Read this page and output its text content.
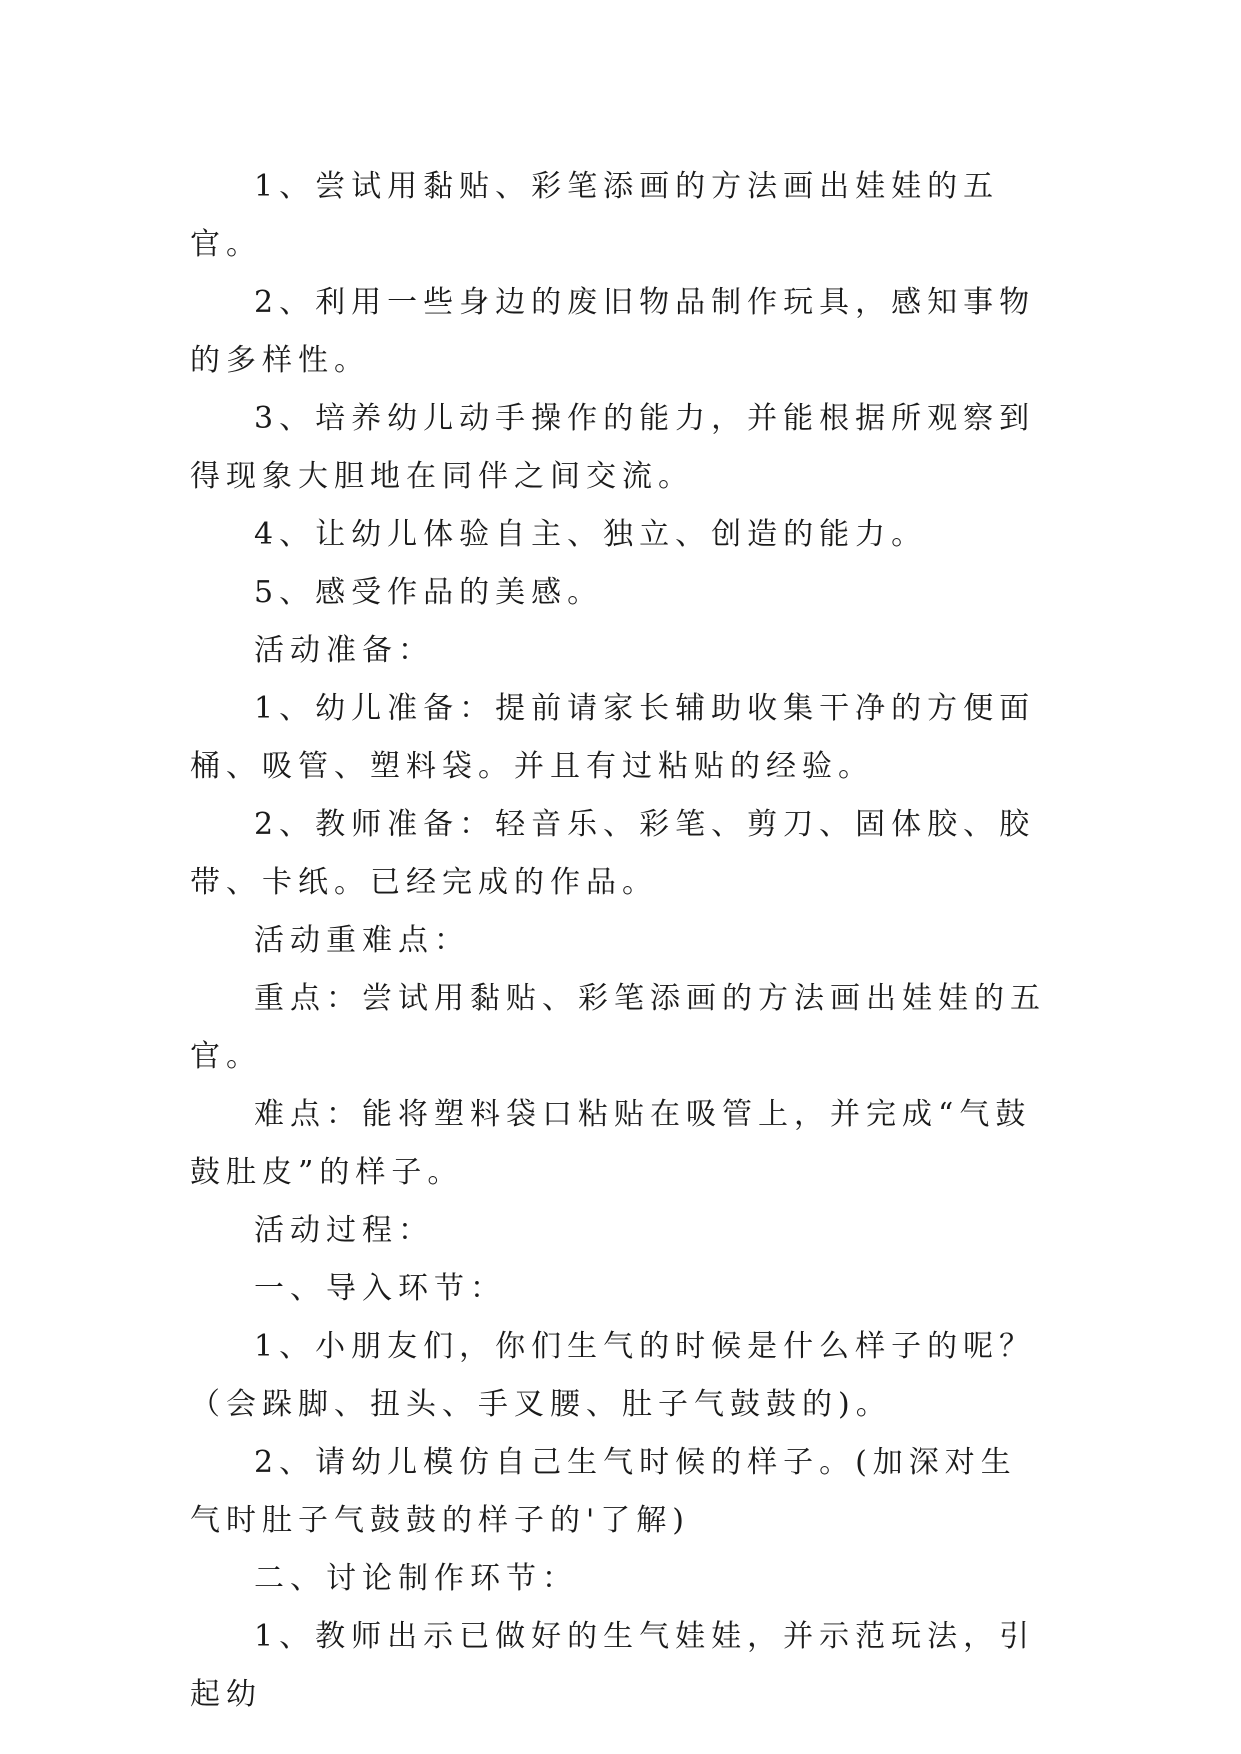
1、尝试用黏贴、彩笔添画的方法画出娃娃的五官。

2、利用一些身边的废旧物品制作玩具，感知事物的多样性。

3、培养幼儿动手操作的能力，并能根据所观察到得现象大胆地在同伴之间交流。

4、让幼儿体验自主、独立、创造的能力。

5、感受作品的美感。

活动准备：

1、幼儿准备：提前请家长辅助收集干净的方便面桶、吸管、塑料袋。并且有过粘贴的经验。

2、教师准备：轻音乐、彩笔、剪刀、固体胶、胶带、卡纸。已经完成的作品。

活动重难点：

重点：尝试用黏贴、彩笔添画的方法画出娃娃的五官。

难点：能将塑料袋口粘贴在吸管上，并完成“气鼓鼓肚皮”的样子。

活动过程：

一、导入环节：

1、小朋友们，你们生气的时候是什么样子的呢？（会跺脚、扭头、手叉腰、肚子气鼓鼓的)。

2、请幼儿模仿自己生气时候的样子。(加深对生气时肚子气鼓鼓的样子的'了解)

二、讨论制作环节：

1、教师出示已做好的生气娃娃，并示范玩法，引起幼
